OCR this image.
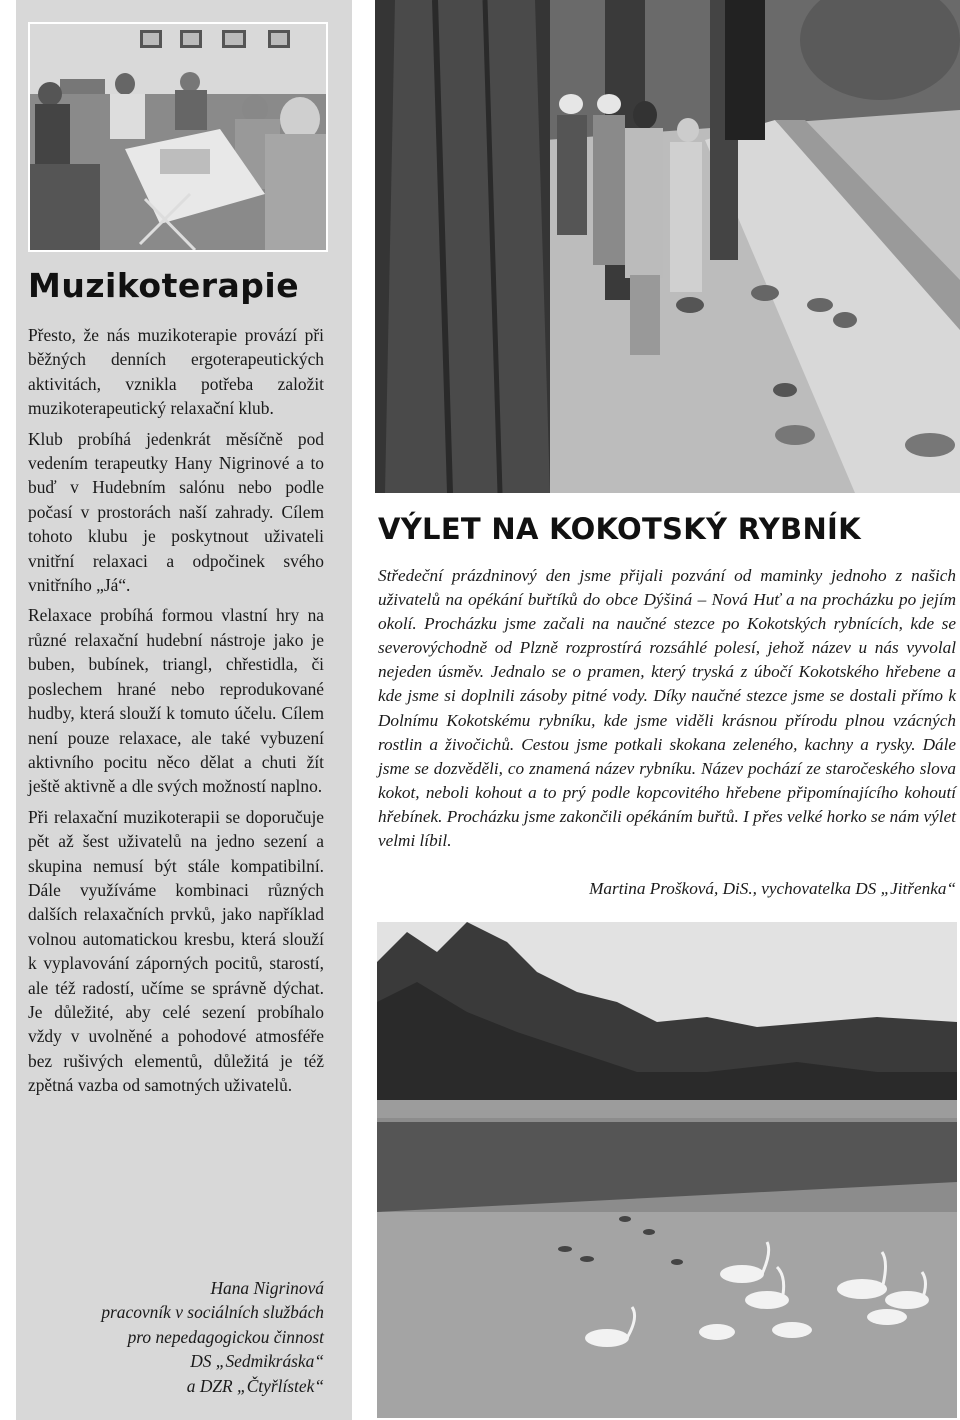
Muzikoterapie

Přesto, že nás muzikoterapie provází při běžných denních ergoterapeutických aktivitách, vznikla potřeba založit muzikoterapeutický relaxační klub.

Klub probíhá jedenkrát měsíčně pod vedením terapeutky Hany Nigrinové a to buď v Hudebním salónu nebo podle počasí v prostorách naší zahrady. Cílem tohoto klubu je poskytnout uživateli vnitřní relaxaci a odpočinek svého vnitřního „Já“.

Relaxace probíhá formou vlastní hry na různé relaxační hudební nástroje jako je buben, bubínek, triangl, chřestidla, či poslechem hrané nebo reprodukované hudby, která slouží k tomuto účelu. Cílem není pouze relaxace, ale také vybuzení aktivního pocitu něco dělat a chuti žít ještě aktivně a dle svých možností naplno.

Při relaxační muzikoterapii se doporučuje pět až šest uživatelů na jedno sezení a skupina nemusí být stále kompatibilní. Dále využíváme kombinaci různých dalších relaxačních prvků, jako například volnou automatickou kresbu, která slouží k vyplavování záporných pocitů, starostí, ale též radostí, učíme se správně dýchat. Je důležité, aby celé sezení probíhalo vždy v uvolněné a pohodové atmosféře bez rušivých elementů, důležitá je též zpětná vazba od samotných uživatelů.

Hana Nigrinová
pracovník v sociálních službách
pro nepedagogickou činnost
DS „Sedmikráska“
a DZR „Čtyřlístek“
VÝLET NA KOKOTSKÝ RYBNÍK

Středeční prázdninový den jsme přijali pozvání od maminky jednoho z našich uživatelů na opékání buřtíků do obce Dýšiná – Nová Huť a na procházku po jejím okolí. Procházku jsme začali na naučné stezce po Kokotských rybnících, kde se severovýchodně od Plzně rozprostírá rozsáhlé polesí, jehož název u nás vyvolal nejeden úsměv. Jednalo se o pramen, který tryská z úbočí Kokotského hřebene a kde jsme si doplnili zásoby pitné vody. Díky naučné stezce jsme se dostali přímo k Dolnímu Kokotskému rybníku, kde jsme viděli krásnou přírodu plnou vzácných rostlin a živočichů. Cestou jsme potkali skokana zeleného, kachny a rysky. Dále jsme se dozvěděli, co znamená název rybníku. Název pochází ze staročeského slova kokot, neboli kohout a to prý podle kopcovitého hřebene připomínajícího kohoutí hřebínek. Procházku jsme zakončili opékáním buřtů. I přes velké horko se nám výlet velmi líbil.

Martina Prošková, DiS., vychovatelka DS „Jitřenka“
